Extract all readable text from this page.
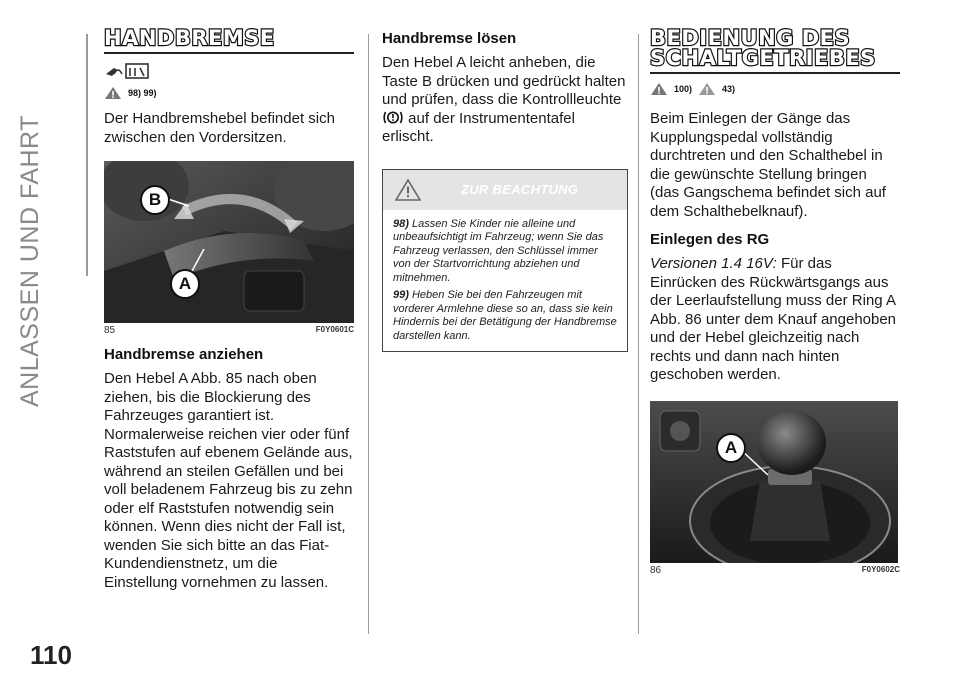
ANLASSEN UND FAHRT
110
HANDBREMSE
98) 99)
Der Handbremshebel befindet sich zwischen den Vordersitzen.
B
A
85	F0Y0601C
Handbremse anziehen
Den Hebel A Abb. 85 nach oben ziehen, bis die Blockierung des Fahrzeuges garantiert ist. Normalerweise reichen vier oder fünf Raststufen auf ebenem Gelände aus, während an steilen Gefällen und bei voll beladenem Fahrzeug bis zu zehn oder elf Raststufen notwendig sein können. Wenn dies nicht der Fall ist, wenden Sie sich bitte an das Fiat-Kundendienstnetz, um die Einstellung vornehmen zu lassen.
Handbremse lösen
Den Hebel A leicht anheben, die Taste B drücken und gedrückt halten und prüfen, dass die Kontrollleuchte  auf der Instrumententafel erlischt.
ZUR BEACHTUNG
98) Lassen Sie Kinder nie alleine und unbeaufsichtigt im Fahrzeug; wenn Sie das Fahrzeug verlassen, den Schlüssel immer von der Startvorrichtung abziehen und mitnehmen.
99) Heben Sie bei den Fahrzeugen mit vorderer Armlehne diese so an, dass sie kein Hindernis bei der Betätigung der Handbremse darstellen kann.
BEDIENUNG DES
SCHALTGETRIEBES
100)	43)
Beim Einlegen der Gänge das Kupplungspedal vollständig durchtreten und den Schalthebel in die gewünschte Stellung bringen (das Gangschema befindet sich auf dem Schalthebelknauf).
Einlegen des RG
Versionen 1.4 16V: Für das Einrücken des Rückwärtsgangs aus der Leerlaufstellung muss der Ring A Abb. 86 unter dem Knauf angehoben und der Hebel gleichzeitig nach rechts und dann nach hinten geschoben werden.
A
86	F0Y0602C
